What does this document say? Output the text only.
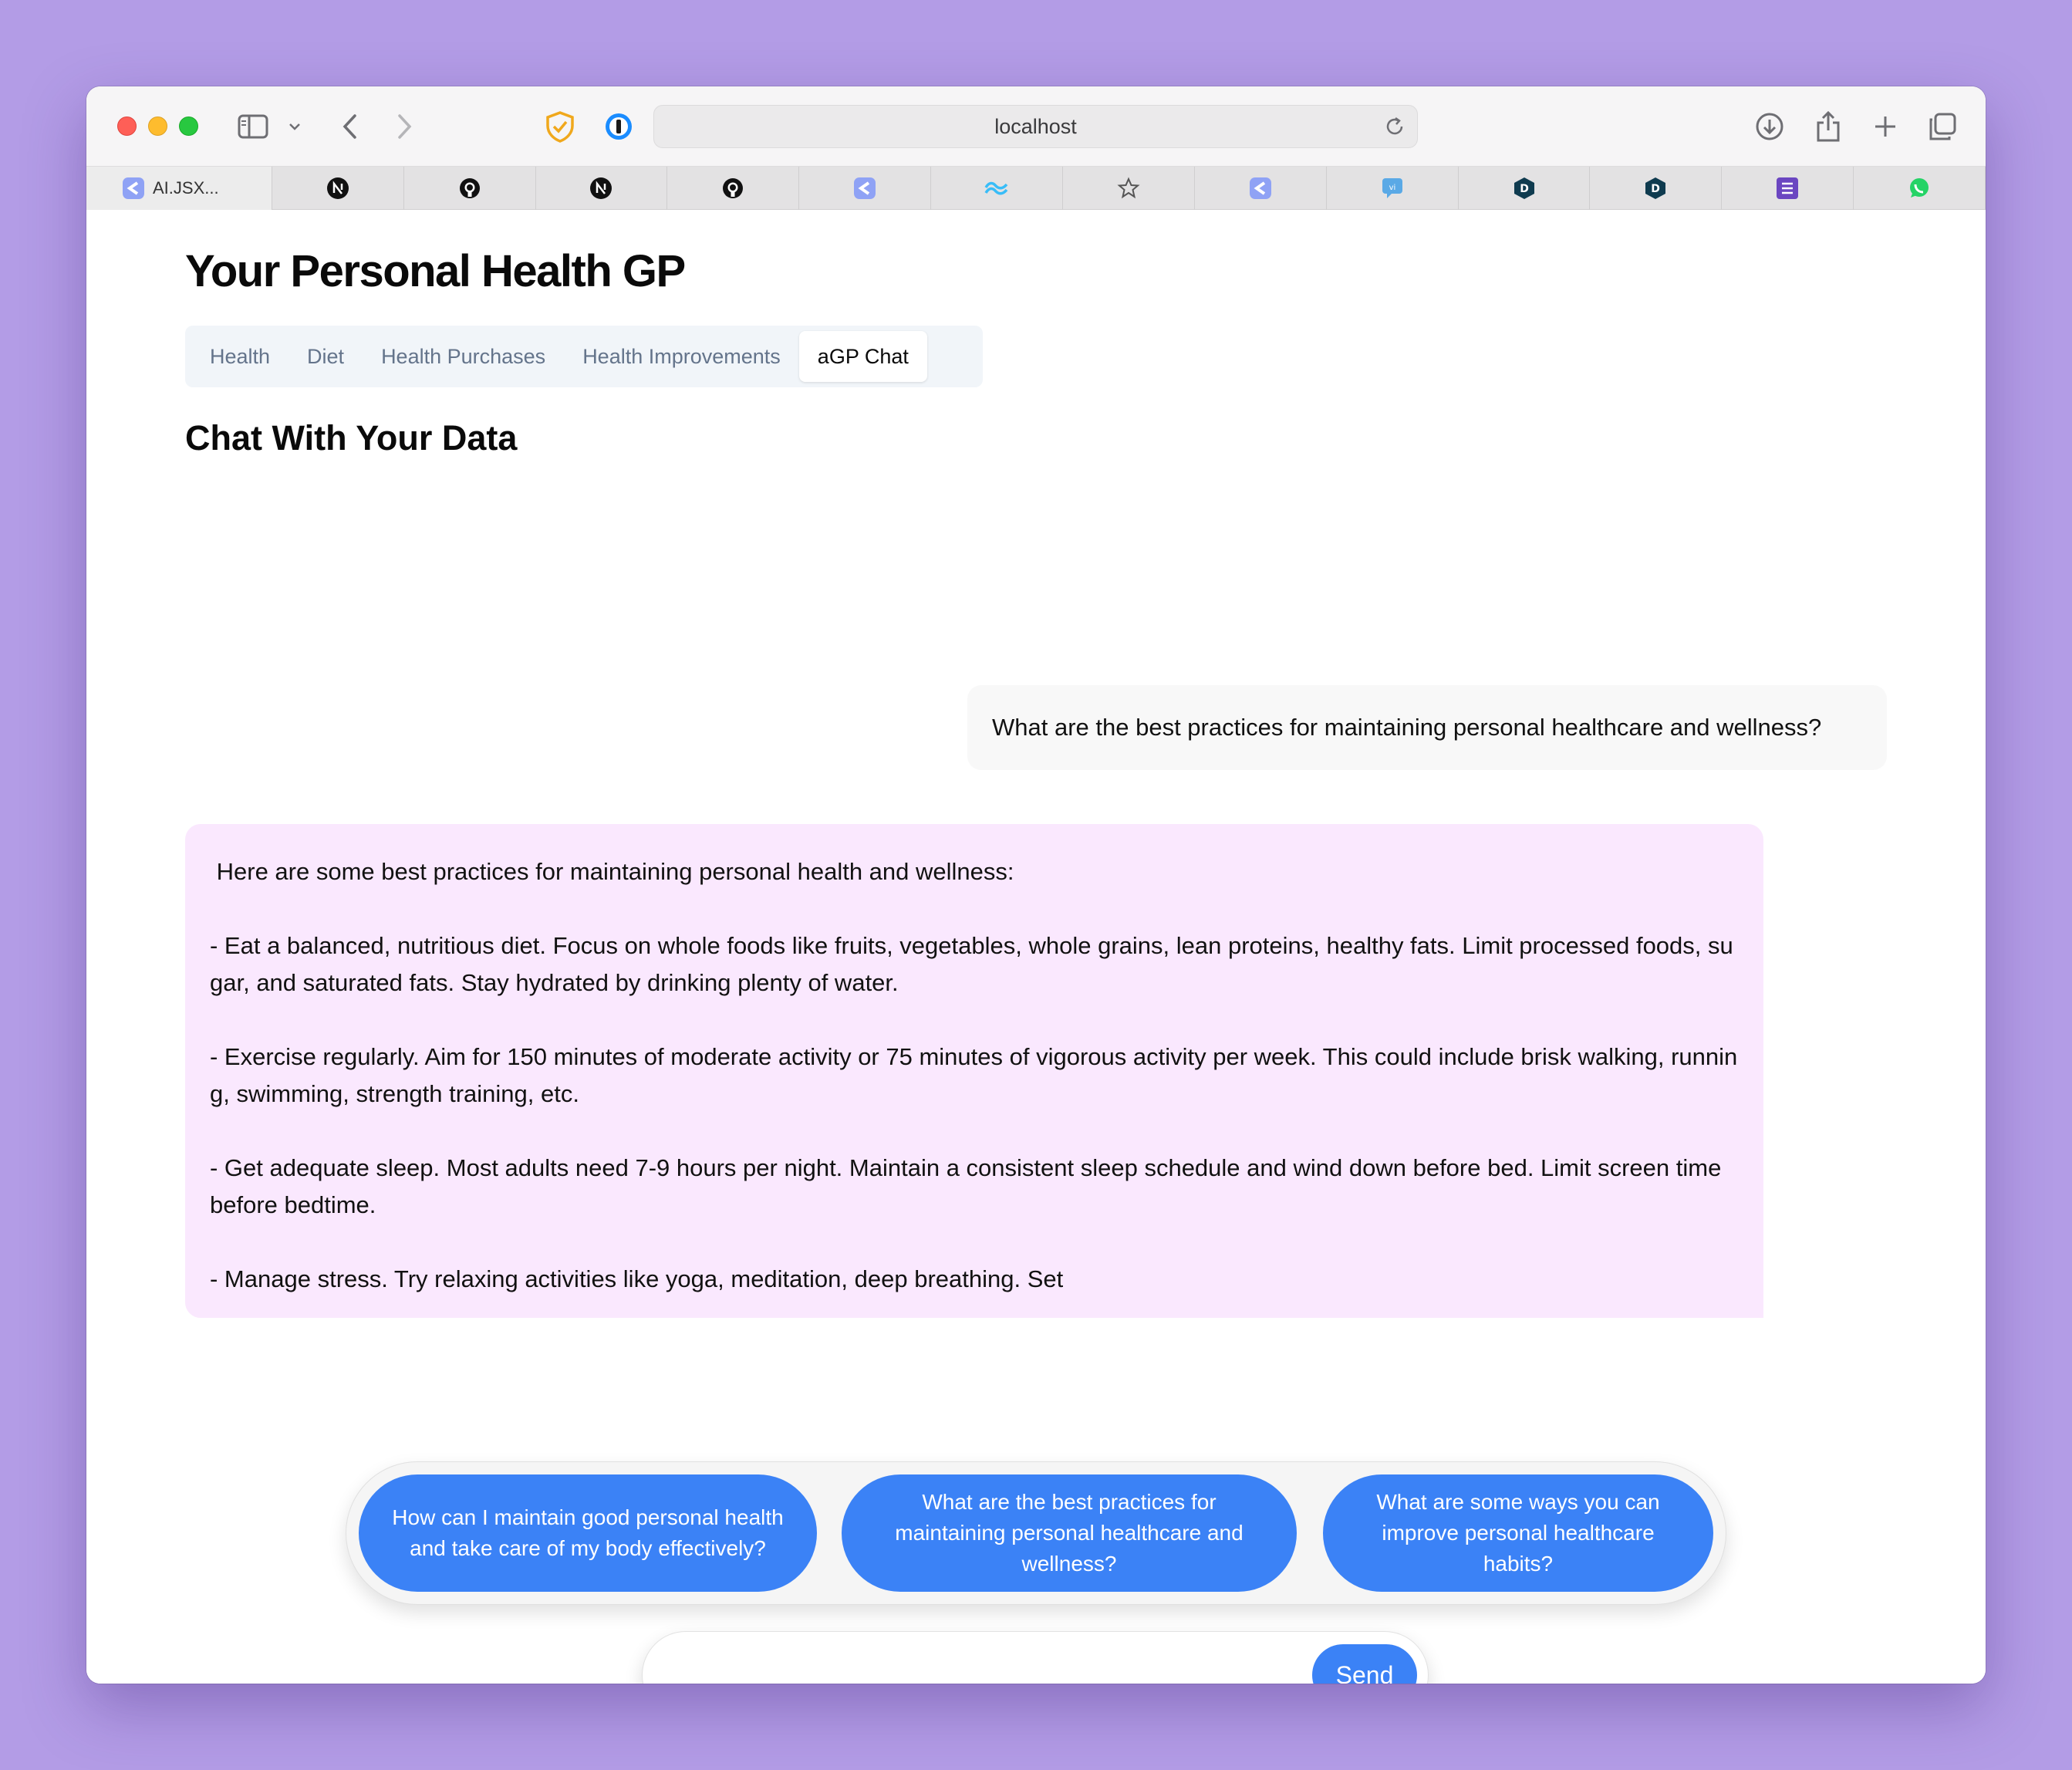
localhost
AI.JSX...	vi	D	D
Your Personal Health GP
Health	Diet	Health Purchases	Health Improvements	aGP Chat
Chat With Your Data
What are the best practices for maintaining personal healthcare and wellness?
Here are some best practices for maintaining personal health and wellness:

- Eat a balanced, nutritious diet. Focus on whole foods like fruits, vegetables, whole grains, lean proteins, healthy fats. Limit processed foods, sugar, and saturated fats. Stay hydrated by drinking plenty of water.

- Exercise regularly. Aim for 150 minutes of moderate activity or 75 minutes of vigorous activity per week. This could include brisk walking, running, swimming, strength training, etc.

- Get adequate sleep. Most adults need 7-9 hours per night. Maintain a consistent sleep schedule and wind down before bed. Limit screen time before bedtime.

- Manage stress. Try relaxing activities like yoga, meditation, deep breathing. Set
How can I maintain good personal health and take care of my body effectively?
What are the best practices for maintaining personal healthcare and wellness?
What are some ways you can improve personal healthcare habits?
Send
